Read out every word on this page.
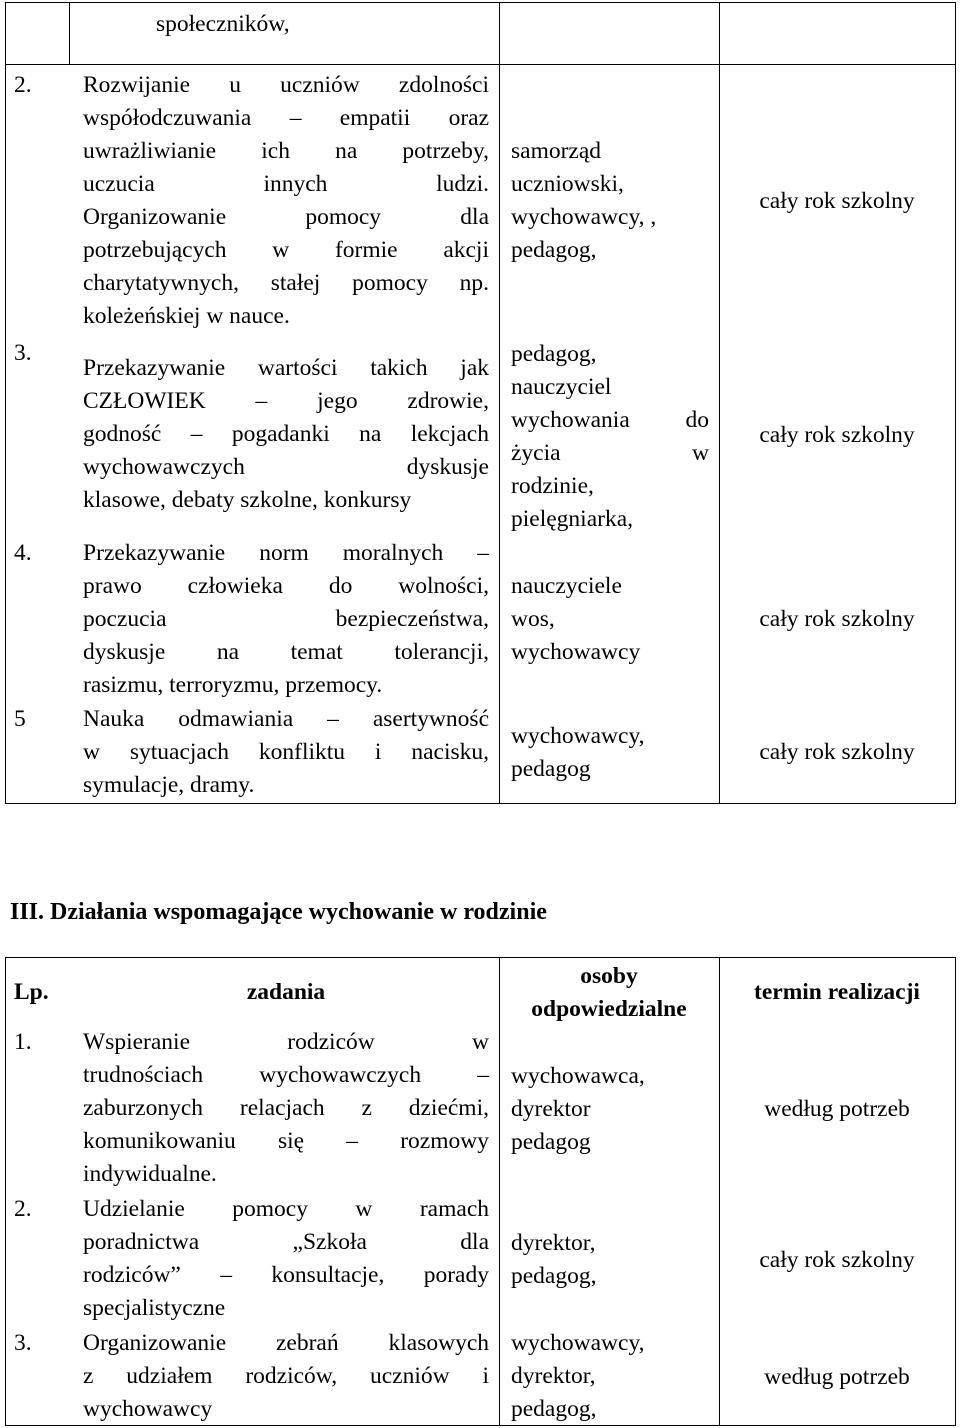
społeczników,
2. Rozwijanie u uczniów zdolności
współodczuwania – empatii oraz
uwrażliwianie ich na potrzeby,
uczucia innych ludzi.
Organizowanie pomocy dla
potrzebujących w formie akcji
charytatywnych, stałej pomocy np.
koleżeńskiej w nauce.
samorząd
uczniowski,
wychowawcy, ,
pedagog,
cały rok szkolny
3.
Przekazywanie wartości takich jak
CZŁOWIEK – jego zdrowie,
godność – pogadanki na lekcjach
wychowawczych dyskusje
klasowe, debaty szkolne, konkursy
pedagog,
nauczyciel
wychowania do
życia w
rodzinie,
pielęgniarka,
cały rok szkolny
4. Przekazywanie norm moralnych –
prawo człowieka do wolności,
poczucia bezpieczeństwa,
dyskusje na temat tolerancji,
rasizmu, terroryzmu, przemocy.
nauczyciele
wos,
wychowawcy
cały rok szkolny
5 Nauka odmawiania – asertywność
w sytuacjach konfliktu i nacisku,
symulacje, dramy.
wychowawcy,
pedagog
cały rok szkolny
III. Działania wspomagające wychowanie w rodzinie
Lp.	zadania
osoby
odpowiedzialne
termin realizacji
1. Wspieranie rodziców w
trudnościach wychowawczych –
zaburzonych relacjach z dziećmi,
komunikowaniu się – rozmowy
indywidualne.
wychowawca,
dyrektor
pedagog
według potrzeb
2. Udzielanie pomocy w ramach
poradnictwa „Szkoła dla
rodziców” – konsultacje, porady
specjalistyczne
dyrektor,
pedagog,
cały rok szkolny
3. Organizowanie zebrań klasowych
z udziałem rodziców, uczniów i
wychowawcy
wychowawcy,
dyrektor,
pedagog,
według potrzeb
